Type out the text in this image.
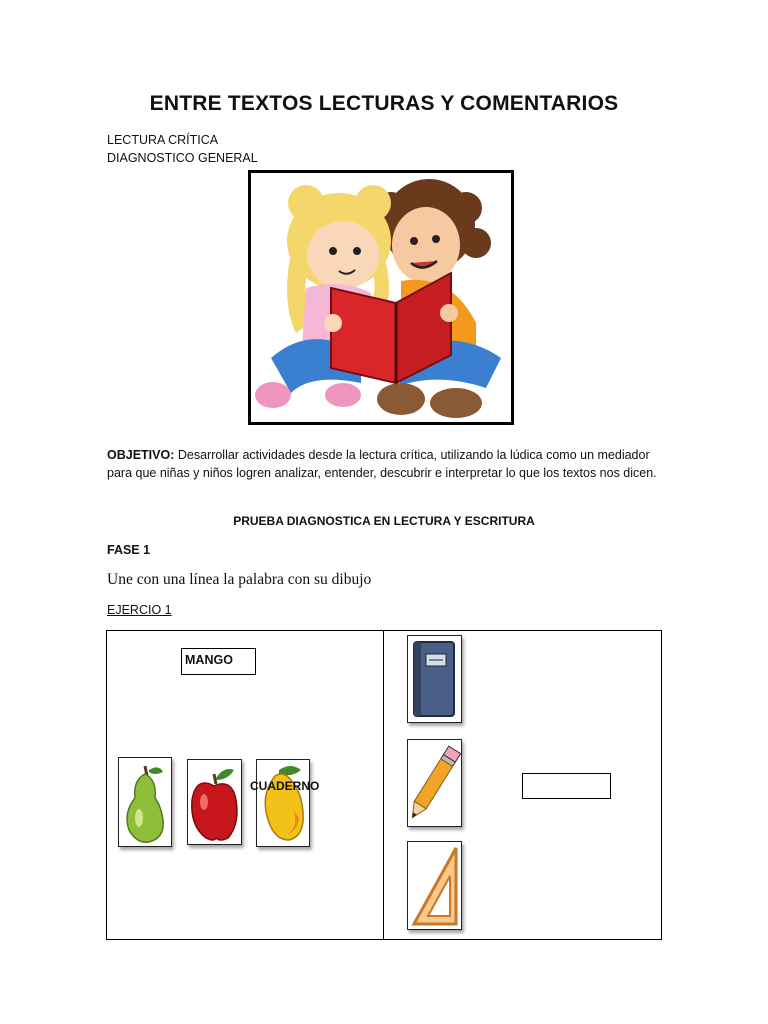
ENTRE TEXTOS LECTURAS Y COMENTARIOS
LECTURA CRÍTICA
DIAGNOSTICO GENERAL
OBJETIVO: Desarrollar actividades desde la lectura crítica, utilizando la lúdica como un mediador para que niñas y niños logren analizar, entender, descubrir e interpretar lo que los textos nos dicen.
PRUEBA DIAGNOSTICA EN LECTURA Y ESCRITURA
FASE 1
Une con una línea la palabra con su dibujo
EJERCIO 1
MANGO
CUADERNO
